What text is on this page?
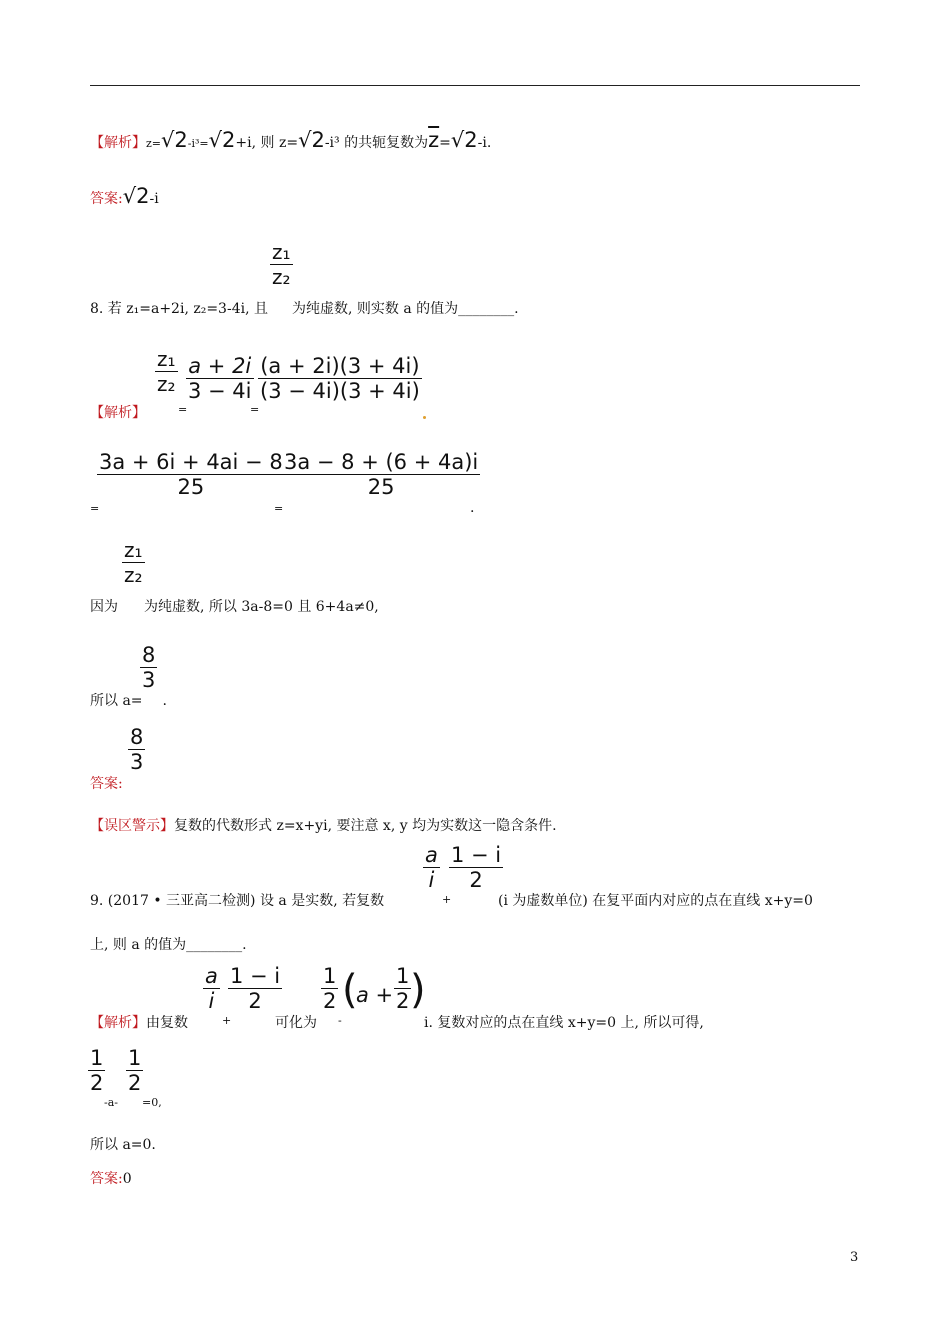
【解析】z=√2-i³=√2+i, 则 z=√2-i³ 的共轭复数为$\overline{z}=√2-i$.
答案:√2-i
z₁
z₂
8. 若 z₁=a+2i, z₂=3-4i, 且 为纯虚数, 则实数 a 的值为________.
z₁
z₂
a + 2i
3 − 4i
(a + 2i)(3 + 4i)
(3 − 4i)(3 + 4i)
=	=
【解析】
3a + 6i + 4ai − 8
25
3a − 8 + (6 + 4a)i
25
=	=	.
z₁
z₂
因为 为纯虚数, 所以 3a-8=0 且 6+4a≠0,
8
3
所以 a= .
8
3
答案:
【误区警示】复数的代数形式 z=x+yi, 要注意 x, y 均为实数这一隐含条件.
a
i
+
1 − i
2
9. (2017 • 三亚高二检测) 设 a 是实数, 若复数	(i 为虚数单位) 在复平面内对应的点在直线 x+y=0
上, 则 a 的值为________.
a
i
+
1 − i
2
1
2
-
(
a +
1
2 )
【解析】由复数	可化为	i. 复数对应的点在直线 x+y=0 上, 所以可得,
1
2
-a-
1
2
=0,
所以 a=0.
答案:0
3
